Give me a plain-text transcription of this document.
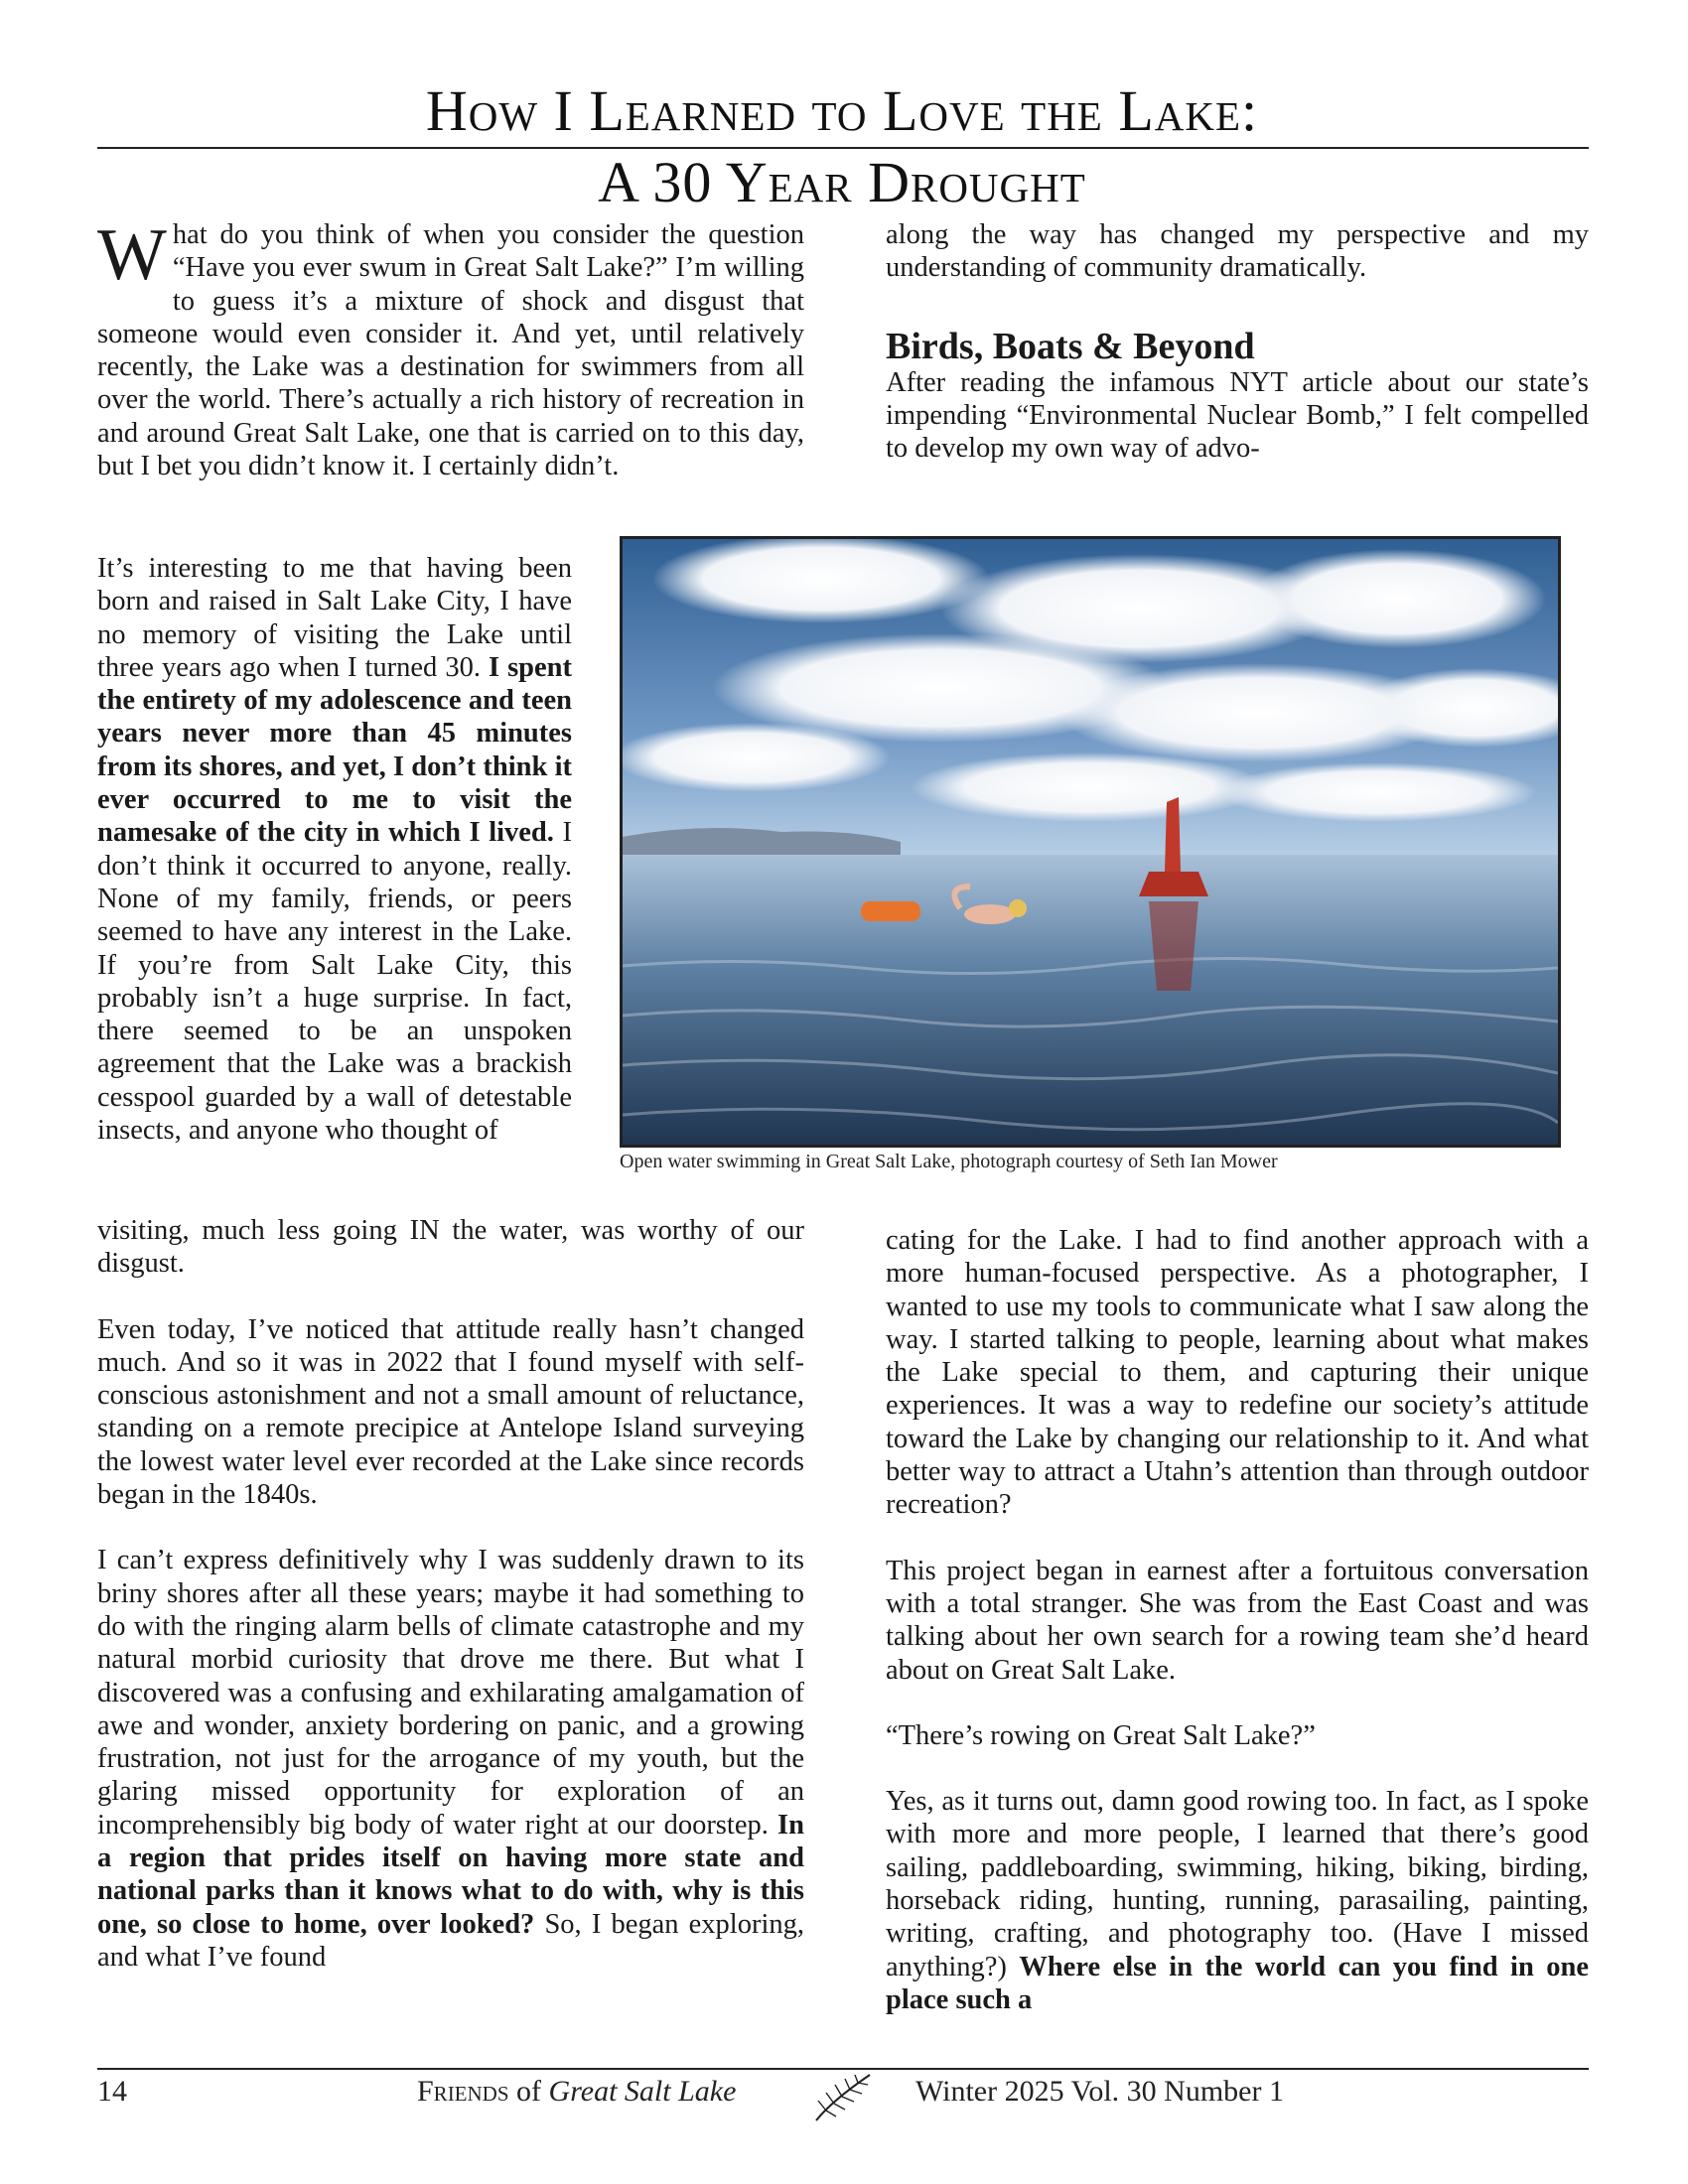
How I Learned to Love the Lake:
A 30 Year Drought

What do you think of when you consider the question “Have you ever swum in Great Salt Lake?” I’m willing to guess it’s a mixture of shock and disgust that someone would even consider it. And yet, until relatively recently, the Lake was a destination for swimmers from all over the world. There’s actually a rich history of recreation in and around Great Salt Lake, one that is carried on to this day, but I bet you didn’t know it. I certainly didn’t.

It’s interesting to me that having been born and raised in Salt Lake City, I have no memory of visiting the Lake until three years ago when I turned 30. I spent the entirety of my adolescence and teen years never more than 45 minutes from its shores, and yet, I don’t think it ever occurred to me to visit the namesake of the city in which I lived. I don’t think it occurred to anyone, really. None of my family, friends, or peers seemed to have any interest in the Lake. If you’re from Salt Lake City, this probably isn’t a huge surprise. In fact, there seemed to be an unspoken agreement that the Lake was a brackish cesspool guarded by a wall of detestable insects, and anyone who thought of

visiting, much less going IN the water, was worthy of our disgust.

Even today, I’ve noticed that attitude really hasn’t changed much. And so it was in 2022 that I found myself with self-conscious astonishment and not a small amount of reluctance, standing on a remote precipice at Antelope Island surveying the lowest water level ever recorded at the Lake since records began in the 1840s.

I can’t express definitively why I was suddenly drawn to its briny shores after all these years; maybe it had something to do with the ringing alarm bells of climate catastrophe and my natural morbid curiosity that drove me there. But what I discovered was a confusing and exhilarating amalgamation of awe and wonder, anxiety bordering on panic, and a growing frustration, not just for the arrogance of my youth, but the glaring missed opportunity for exploration of an incomprehensibly big body of water right at our doorstep. In a region that prides itself on having more state and national parks than it knows what to do with, why is this one, so close to home, over looked? So, I began exploring, and what I’ve found

along the way has changed my perspective and my understanding of community dramatically.

Birds, Boats & Beyond

After reading the infamous NYT article about our state’s impending “Environmental Nuclear Bomb,” I felt compelled to develop my own way of advo-

Open water swimming in Great Salt Lake, photograph courtesy of Seth Ian Mower

cating for the Lake. I had to find another approach with a more human-focused perspective. As a photographer, I wanted to use my tools to communicate what I saw along the way. I started talking to people, learning about what makes the Lake special to them, and capturing their unique experiences. It was a way to redefine our society’s attitude toward the Lake by changing our relationship to it. And what better way to attract a Utahn’s attention than through outdoor recreation?

This project began in earnest after a fortuitous conversation with a total stranger. She was from the East Coast and was talking about her own search for a rowing team she’d heard about on Great Salt Lake.

“There’s rowing on Great Salt Lake?”

Yes, as it turns out, damn good rowing too. In fact, as I spoke with more and more people, I learned that there’s good sailing, paddleboarding, swimming, hiking, biking, birding, horseback riding, hunting, running, parasailing, painting, writing, crafting, and photography too. (Have I missed anything?) Where else in the world can you find in one place such a

14	Friends of Great Salt Lake	Winter 2025 Vol. 30 Number 1
